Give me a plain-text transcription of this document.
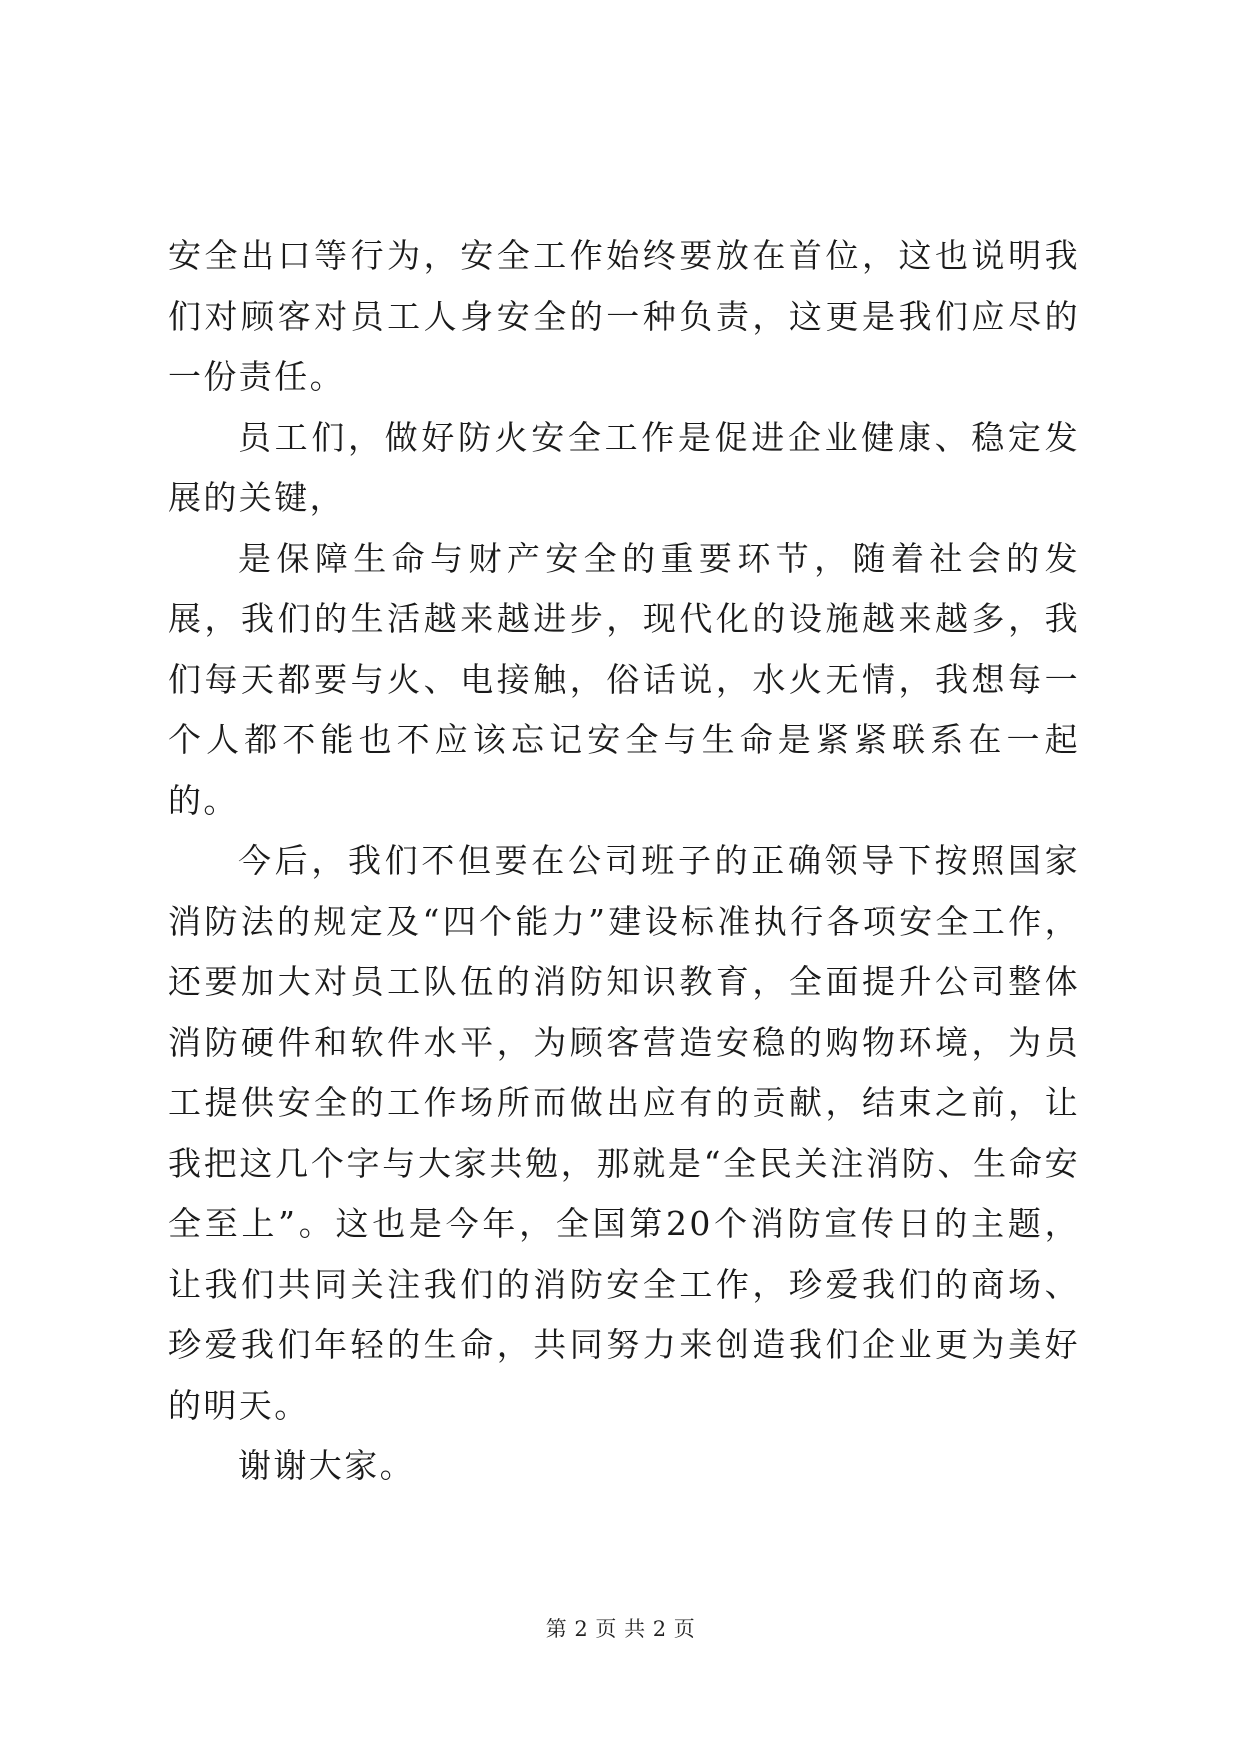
安全出口等行为，安全工作始终要放在首位，这也说明我们对顾客对员工人身安全的一种负责，这更是我们应尽的一份责任。

员工们，做好防火安全工作是促进企业健康、稳定发展的关键，

是保障生命与财产安全的重要环节，随着社会的发展，我们的生活越来越进步，现代化的设施越来越多，我们每天都要与火、电接触，俗话说，水火无情，我想每一个人都不能也不应该忘记安全与生命是紧紧联系在一起的。

今后，我们不但要在公司班子的正确领导下按照国家消防法的规定及“四个能力”建设标准执行各项安全工作，还要加大对员工队伍的消防知识教育，全面提升公司整体消防硬件和软件水平，为顾客营造安稳的购物环境，为员工提供安全的工作场所而做出应有的贡献，结束之前，让我把这几个字与大家共勉，那就是“全民关注消防、生命安全至上”。这也是今年，全国第20个消防宣传日的主题，让我们共同关注我们的消防安全工作，珍爱我们的商场、珍爱我们年轻的生命，共同努力来创造我们企业更为美好的明天。

谢谢大家。

第 2 页 共 2 页
